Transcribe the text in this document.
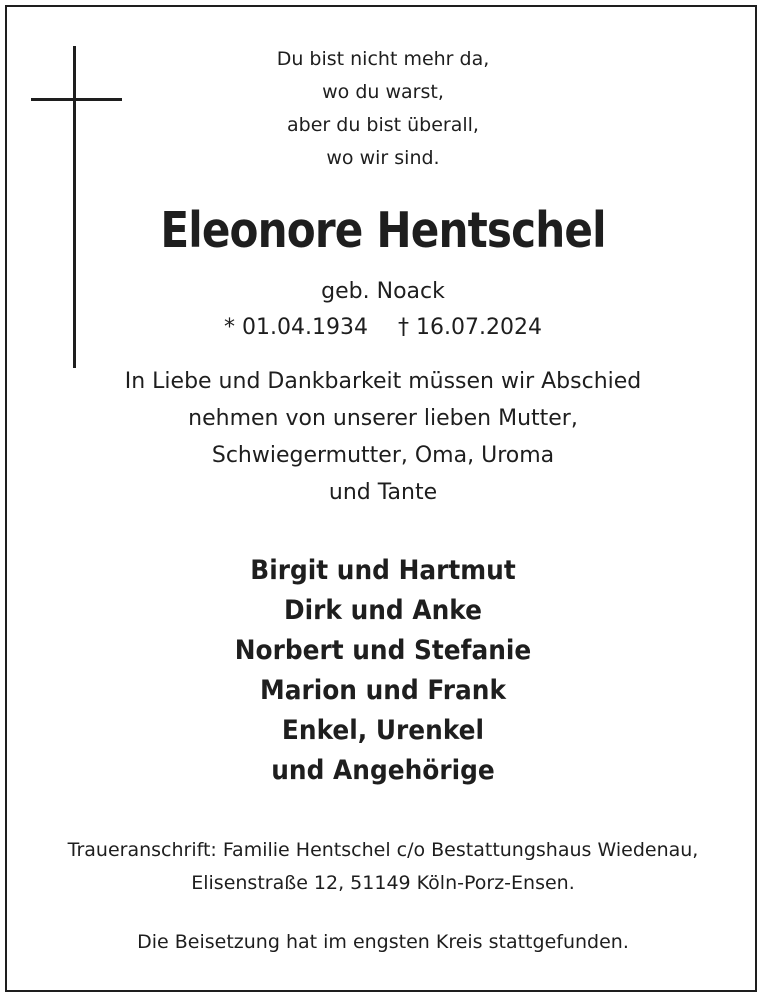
Du bist nicht mehr da,
wo du warst,
aber du bist überall,
wo wir sind.
Eleonore Hentschel
geb. Noack
* 01.04.1934 † 16.07.2024
In Liebe und Dankbarkeit müssen wir Abschied
nehmen von unserer lieben Mutter,
Schwiegermutter, Oma, Uroma
und Tante
Birgit und Hartmut
Dirk und Anke
Norbert und Stefanie
Marion und Frank
Enkel, Urenkel
und Angehörige
Traueranschrift: Familie Hentschel c/o Bestattungshaus Wiedenau,
Elisenstraße 12, 51149 Köln-Porz-Ensen.
Die Beisetzung hat im engsten Kreis stattgefunden.
